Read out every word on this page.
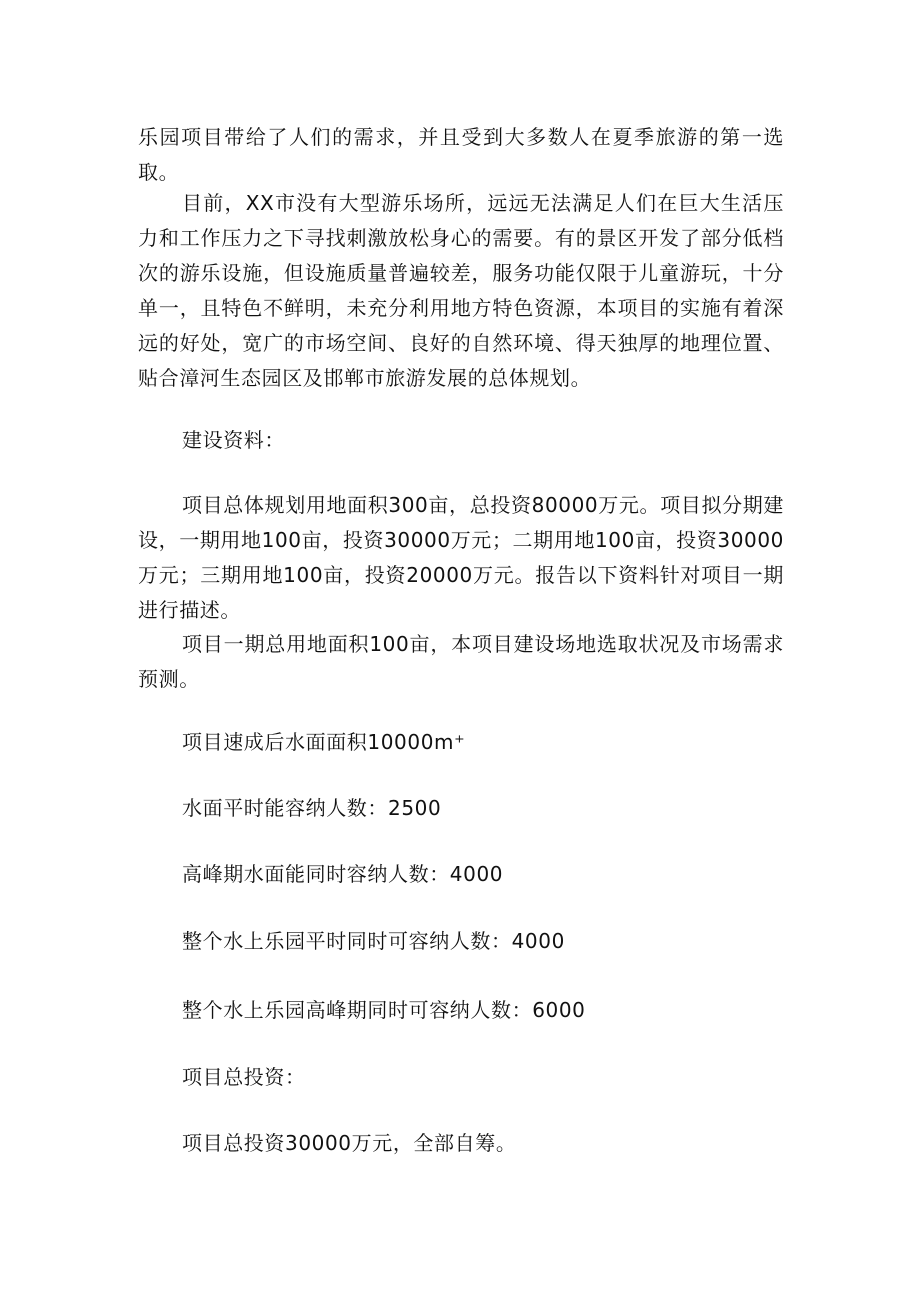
乐园项目带给了人们的需求，并且受到大多数人在夏季旅游的第一选取。

目前，XX市没有大型游乐场所，远远无法满足人们在巨大生活压力和工作压力之下寻找刺激放松身心的需要。有的景区开发了部分低档次的游乐设施，但设施质量普遍较差，服务功能仅限于儿童游玩，十分单一，且特色不鲜明，未充分利用地方特色资源，本项目的实施有着深远的好处，宽广的市场空间、良好的自然环境、得天独厚的地理位置、贴合漳河生态园区及邯郸市旅游发展的总体规划。

建设资料：

项目总体规划用地面积300亩，总投资80000万元。项目拟分期建设，一期用地100亩，投资30000万元；二期用地100亩，投资30000万元；三期用地100亩，投资20000万元。报告以下资料针对项目一期进行描述。

项目一期总用地面积100亩，本项目建设场地选取状况及市场需求预测。

项目速成后水面面积10000m⁺

水面平时能容纳人数：2500

高峰期水面能同时容纳人数：4000

整个水上乐园平时同时可容纳人数：4000

整个水上乐园高峰期同时可容纳人数：6000

项目总投资：

项目总投资30000万元，全部自筹。
